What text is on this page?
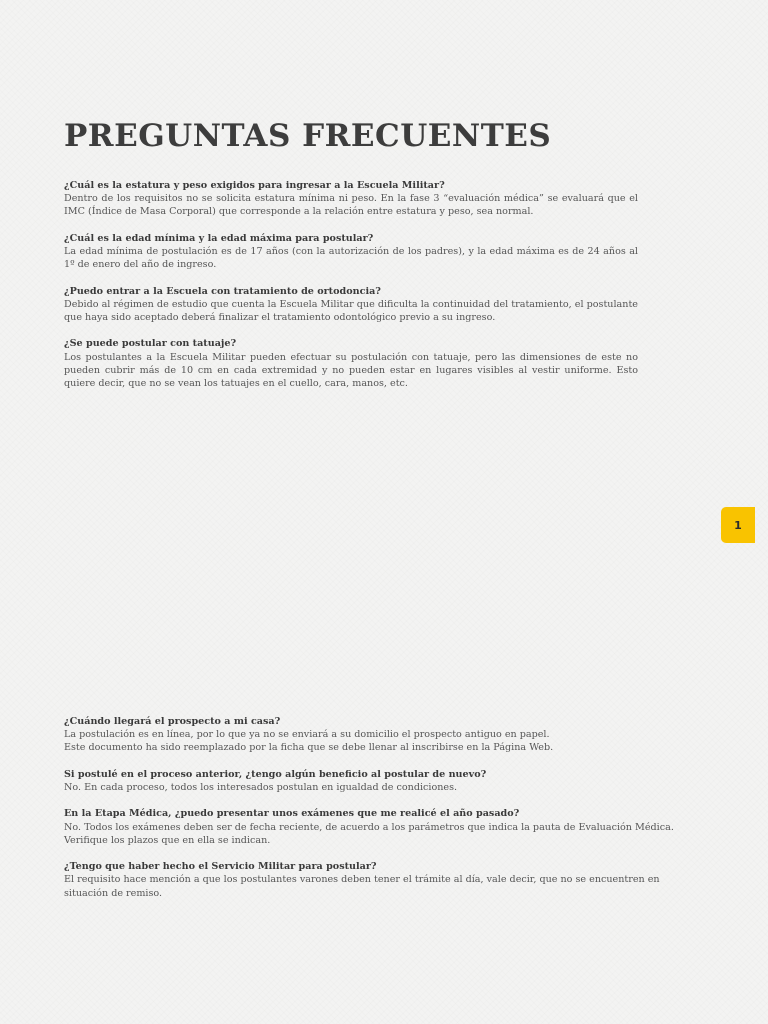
PREGUNTAS FRECUENTES

¿Cuál es la estatura y peso exigidos para ingresar a la Escuela Militar?

Dentro de los requisitos no se solicita estatura mínima ni peso. En la fase 3 “evaluación médica” se evaluará que el IMC (Índice de Masa Corporal) que corresponde a la relación entre estatura y peso, sea normal.

¿Cuál es la edad mínima y la edad máxima para postular?

La edad mínima de postulación es de 17 años (con la autorización de los padres), y la edad máxima es de 24 años al 1º de enero del año de ingreso.

¿Puedo entrar a la Escuela con tratamiento de ortodoncia?

Debido al régimen de estudio que cuenta la Escuela Militar que dificulta la continuidad del tratamiento, el postulante que haya sido aceptado deberá finalizar el tratamiento odontológico previo a su ingreso.

¿Se puede postular con tatuaje?

Los postulantes a la Escuela Militar pueden efectuar su postulación con tatuaje, pero las dimensiones de este no pueden cubrir más de 10 cm en cada extremidad y no pueden estar en lugares visibles al vestir uniforme. Esto quiere decir, que no se vean los tatuajes en el cuello, cara, manos, etc.

1

¿Cuándo llegará el prospecto a mi casa?

La postulación es en línea, por lo que ya no se enviará a su domicilio el prospecto antiguo en papel.

Este documento ha sido reemplazado por la ficha que se debe llenar al inscribirse en la Página Web.

Si postulé en el proceso anterior, ¿tengo algún beneficio al postular de nuevo?

No. En cada proceso, todos los interesados postulan en igualdad de condiciones.

En la Etapa Médica, ¿puedo presentar unos exámenes que me realicé el año pasado?

No. Todos los exámenes deben ser de fecha reciente, de acuerdo a los parámetros que indica la pauta de Evaluación Médica. Verifique los plazos que en ella se indican.

¿Tengo que haber hecho el Servicio Militar para postular?

El requisito hace mención a que los postulantes varones deben tener el trámite al día, vale decir, que no se encuentren en situación de remiso.
